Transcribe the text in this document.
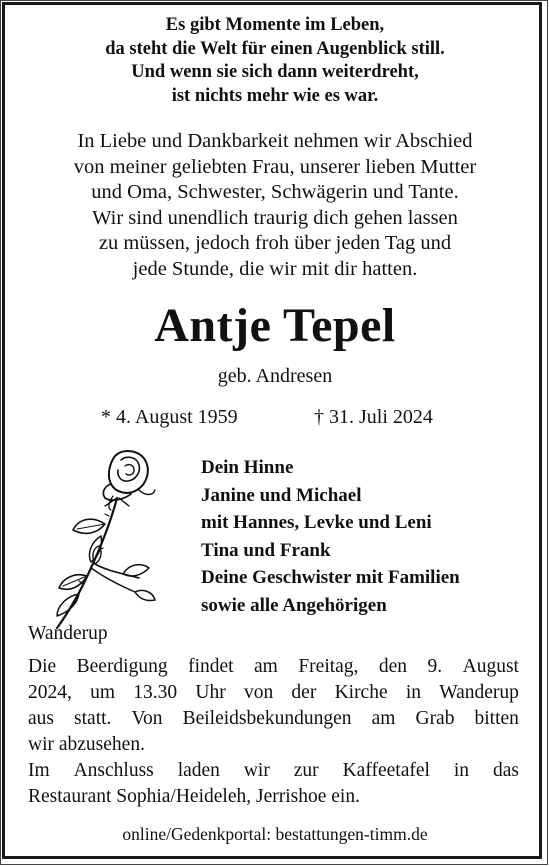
Es gibt Momente im Leben,
da steht die Welt für einen Augenblick still.
Und wenn sie sich dann weiterdreht,
ist nichts mehr wie es war.
In Liebe und Dankbarkeit nehmen wir Abschied
von meiner geliebten Frau, unserer lieben Mutter
und Oma, Schwester, Schwägerin und Tante.
Wir sind unendlich traurig dich gehen lassen
zu müssen, jedoch froh über jeden Tag und
jede Stunde, die wir mit dir hatten.
Antje Tepel
geb. Andresen
* 4. August 1959	† 31. Juli 2024
Dein Hinne
Janine und Michael
mit Hannes, Levke und Leni
Tina und Frank
Deine Geschwister mit Familien
sowie alle Angehörigen
Wanderup
Die Beerdigung findet am Freitag, den 9. August
2024, um 13.30 Uhr von der Kirche in Wanderup
aus statt. Von Beileidsbekundungen am Grab bitten
wir abzusehen.
Im Anschluss laden wir zur Kaffeetafel in das
Restaurant Sophia/Heideleh, Jerrishoe ein.
online/Gedenkportal: bestattungen-timm.de
